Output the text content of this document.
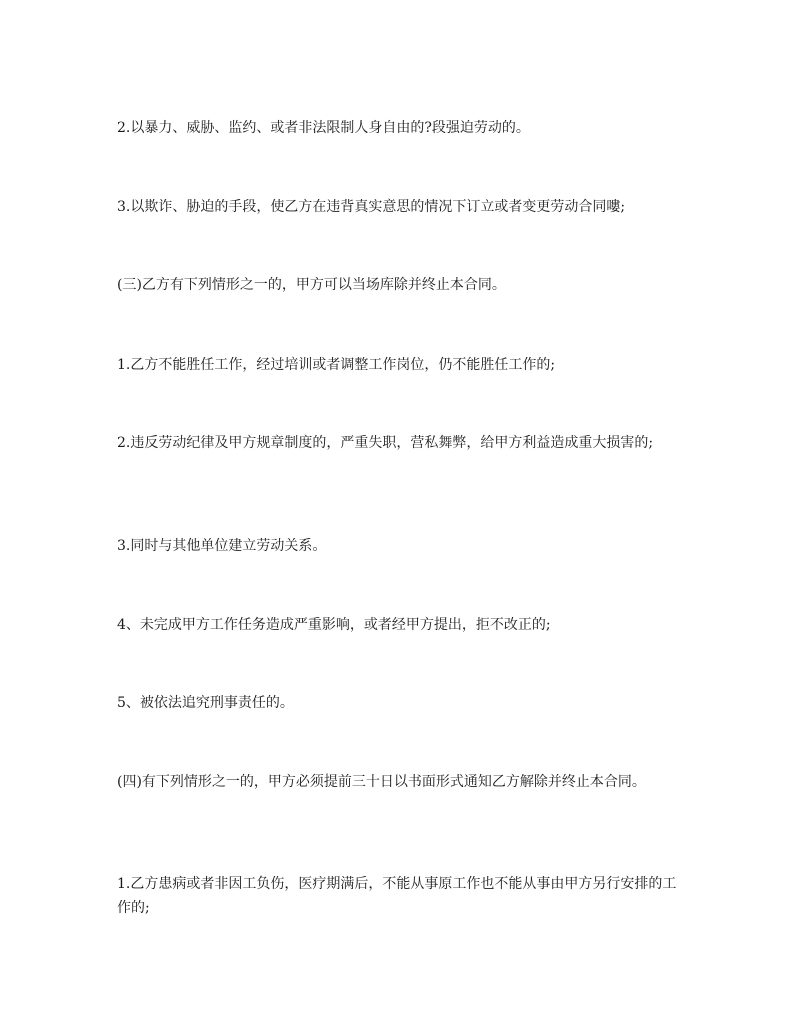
2.以暴力、威胁、监约、或者非法限制人身自由的?段强迫劳动的。

3.以欺诈、胁迫的手段，使乙方在违背真实意思的情况下订立或者变更劳动合同嘍;

(三)乙方有下列情形之一的，甲方可以当场库除并终止本合同。

1.乙方不能胜任工作，经过培训或者调整工作岗位，仍不能胜任工作的;

2.违反劳动纪律及甲方规章制度的，严重失职，营私舞弊，给甲方利益造成重大损害的;

3.同时与其他单位建立劳动关系。

4、未完成甲方工作任务造成严重影响，或者经甲方提出，拒不改正的;

5、被依法追究刑事责任的。

(四)有下列情形之一的，甲方必须提前三十日以书面形式通知乙方解除并终止本合同。

1.乙方患病或者非因工负伤，医疗期满后，不能从事原工作也不能从事由甲方另行安排的工作的;
